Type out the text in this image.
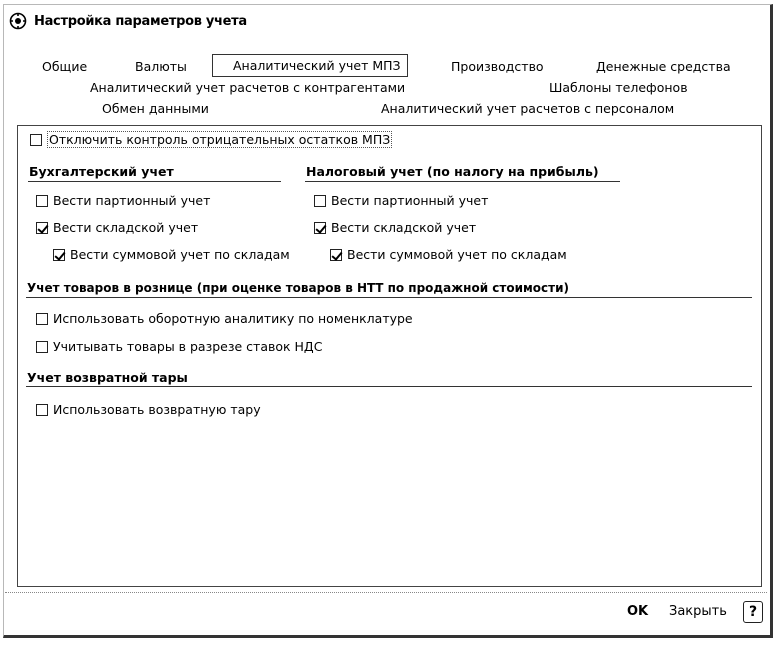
Настройка параметров учета
Общие	Валюты	Аналитический учет МПЗ	Производство	Денежные средства
Аналитический учет расчетов с контрагентами	Шаблоны телефонов
Обмен данными	Аналитический учет расчетов с персоналом
Отключить контроль отрицательных остатков МПЗ
Бухгалтерский учет
Вести партионный учет
Вести складской учет
Вести суммовой учет по складам
Налоговый учет (по налогу на прибыль)
Вести партионный учет
Вести складской учет
Вести суммовой учет по складам
Учет товаров в рознице (при оценке товаров в НТТ по продажной стоимости)
Использовать оборотную аналитику по номенклатуре
Учитывать товары в разрезе ставок НДС
Учет возвратной тары
Использовать возвратную тару
OK Закрыть ?
